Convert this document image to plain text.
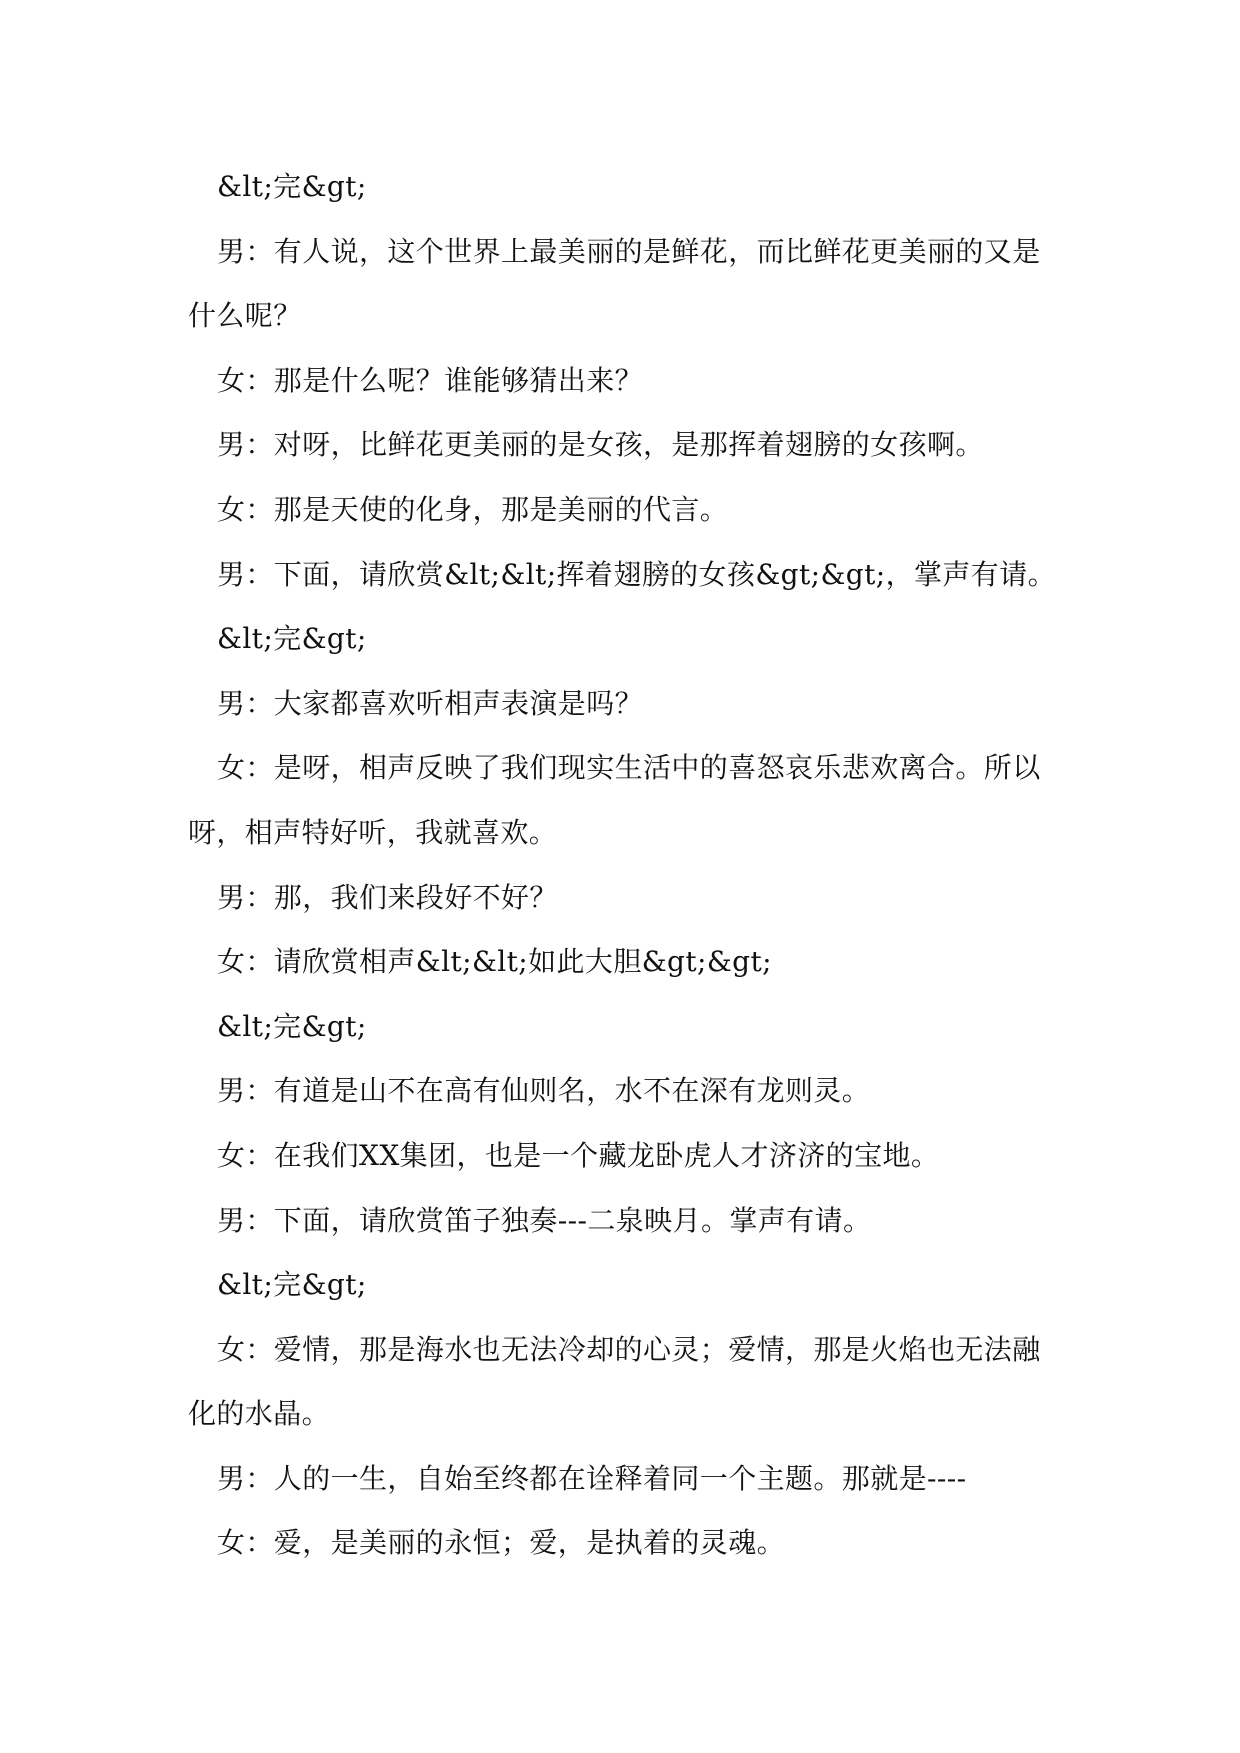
&lt;完&gt;

男：有人说，这个世界上最美丽的是鲜花，而比鲜花更美丽的又是什么呢？

女：那是什么呢？谁能够猜出来？

男：对呀，比鲜花更美丽的是女孩，是那挥着翅膀的女孩啊。

女：那是天使的化身，那是美丽的代言。

男：下面，请欣赏&lt;&lt;挥着翅膀的女孩&gt;&gt;，掌声有请。

&lt;完&gt;

男：大家都喜欢听相声表演是吗？

女：是呀，相声反映了我们现实生活中的喜怒哀乐悲欢离合。所以呀，相声特好听，我就喜欢。

男：那，我们来段好不好？

女：请欣赏相声&lt;&lt;如此大胆&gt;&gt;

&lt;完&gt;

男：有道是山不在高有仙则名，水不在深有龙则灵。

女：在我们XX集团，也是一个藏龙卧虎人才济济的宝地。

男：下面，请欣赏笛子独奏---二泉映月。掌声有请。

&lt;完&gt;

女：爱情，那是海水也无法冷却的心灵；爱情，那是火焰也无法融化的水晶。

男：人的一生，自始至终都在诠释着同一个主题。那就是----

女：爱，是美丽的永恒；爱，是执着的灵魂。
